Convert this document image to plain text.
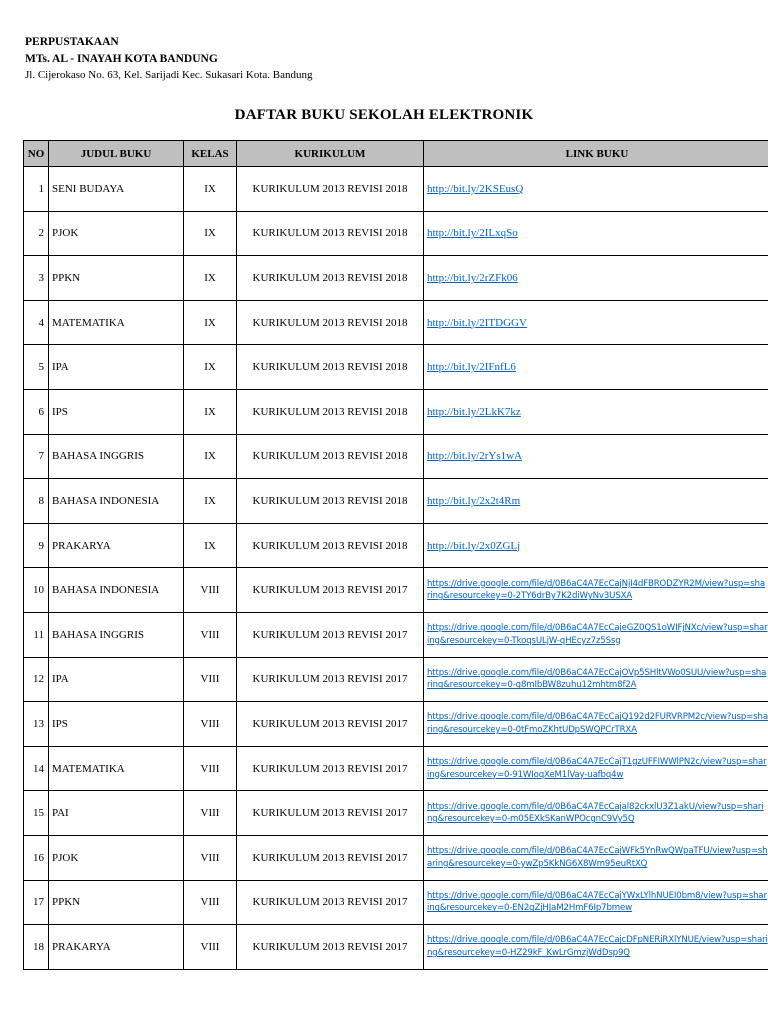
PERPUSTAKAAN
MTs. AL - INAYAH KOTA BANDUNG
Jl. Cijerokaso No. 63, Kel. Sarijadi Kec. Sukasari Kota. Bandung
DAFTAR BUKU SEKOLAH ELEKTRONIK
NO	JUDUL BUKU	KELAS	KURIKULUM	LINK BUKU
1	SENI BUDAYA	IX	KURIKULUM 2013 REVISI 2018	http://bit.ly/2KSEusQ
2	PJOK	IX	KURIKULUM 2013 REVISI 2018	http://bit.ly/2ILxqSo
3	PPKN	IX	KURIKULUM 2013 REVISI 2018	http://bit.ly/2rZFk06
4	MATEMATIKA	IX	KURIKULUM 2013 REVISI 2018	http://bit.ly/2ITDGGV
5	IPA	IX	KURIKULUM 2013 REVISI 2018	http://bit.ly/2IFnfL6
6	IPS	IX	KURIKULUM 2013 REVISI 2018	http://bit.ly/2LkK7kz
7	BAHASA INGGRIS	IX	KURIKULUM 2013 REVISI 2018	http://bit.ly/2rYs1wA
8	BAHASA INDONESIA	IX	KURIKULUM 2013 REVISI 2018	http://bit.ly/2x2t4Rm
9	PRAKARYA	IX	KURIKULUM 2013 REVISI 2018	http://bit.ly/2x0ZGLj
10	BAHASA INDONESIA	VIII	KURIKULUM 2013 REVISI 2017	https://drive.google.com/file/d/0B6aC4A7EcCajNjI4dFBRODZYR2M/view?usp=sharing&resourcekey=0-2TY6drBy7K2diWyNv3USXA

11	BAHASA INGGRIS	VIII	KURIKULUM 2013 REVISI 2017	https://drive.google.com/file/d/0B6aC4A7EcCajeGZ0QS1oWIFjNXc/view?usp=sharing&resourcekey=0-TkoqsULjW-qHEcyz7z5Ssg

12	IPA	VIII	KURIKULUM 2013 REVISI 2017	https://drive.google.com/file/d/0B6aC4A7EcCajOVp5SHltVWo0SUU/view?usp=sharing&resourcekey=0-g8mIbBW8zuhu12mhtm8f2A

13	IPS	VIII	KURIKULUM 2013 REVISI 2017	https://drive.google.com/file/d/0B6aC4A7EcCajQ192d2FURVRPM2c/view?usp=sharing&resourcekey=0-0tFmoZKhtUDpSWQPCrTRXA

14	MATEMATIKA	VIII	KURIKULUM 2013 REVISI 2017	https://drive.google.com/file/d/0B6aC4A7EcCajT1gzUFFIWWlPN2c/view?usp=sharing&resourcekey=0-91WIoqXeM1lVay-uafbq4w

15	PAI	VIII	KURIKULUM 2013 REVISI 2017	https://drive.google.com/file/d/0B6aC4A7EcCajal82ckxlU3Z1akU/view?usp=sharing&resourcekey=0-m05EXkSKanWPOcgnC9Vy5Q

16	PJOK	VIII	KURIKULUM 2013 REVISI 2017	https://drive.google.com/file/d/0B6aC4A7EcCajWFk5YnRwQWpaTFU/view?usp=sharing&resourcekey=0-ywZp5KkNG6X8Wm95euRtXQ

17	PPKN	VIII	KURIKULUM 2013 REVISI 2017	https://drive.google.com/file/d/0B6aC4A7EcCajYWxLYlhNUEI0bm8/view?usp=sharing&resourcekey=0-EN2gZjHJaM2HmF6Ip7bmew

18	PRAKARYA	VIII	KURIKULUM 2013 REVISI 2017	https://drive.google.com/file/d/0B6aC4A7EcCajcDFpNERiRXlYNUE/view?usp=sharing&resourcekey=0-HZ29kF_KwLrGmzjWdDsp9Q
